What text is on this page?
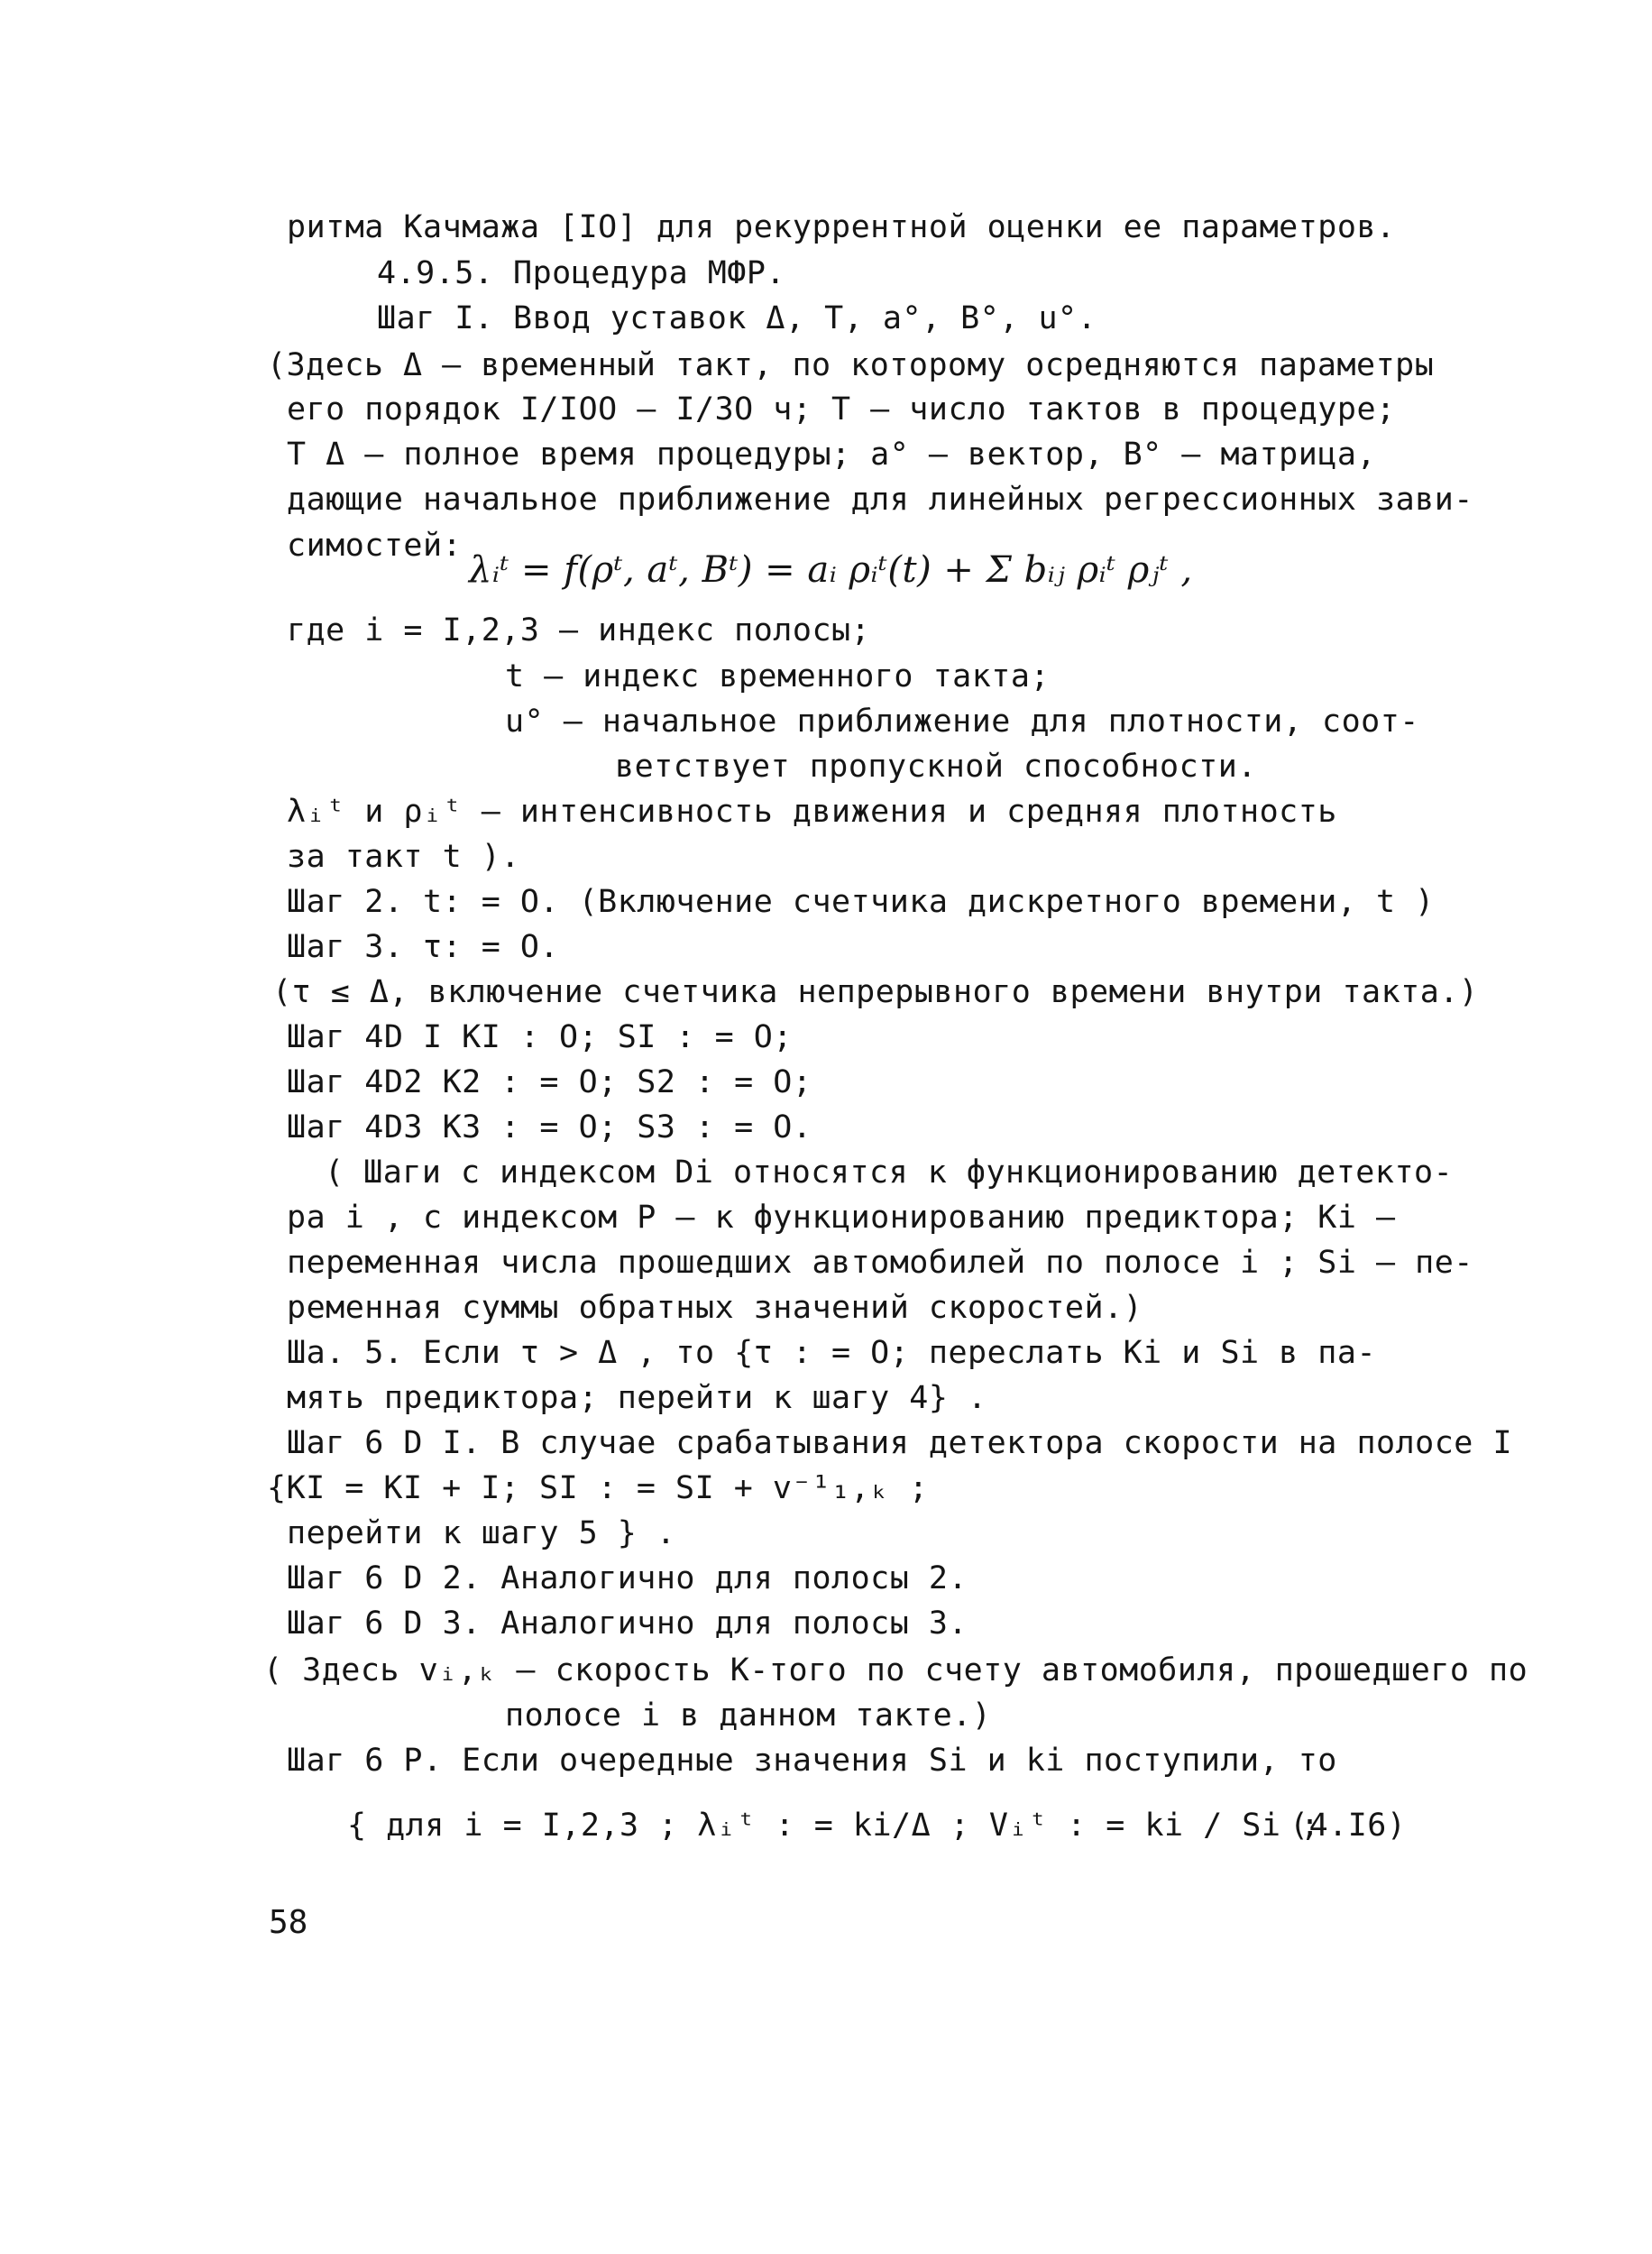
ритма Качмажа [IO] для рекуррентной оценки ее параметров.
4.9.5. Процедура МФР.
Шаг I. Ввод уставок Δ, T, a°, B°, u°.
(Здесь Δ – временный такт, по которому осредняются параметры
его порядок I/IOO – I/3O ч; T – число тактов в процедуре;
T Δ – полное время процедуры; a° – вектор, B° – матрица,
дающие начальное приближение для линейных регрессионных зави-
симостей:
λᵢᵗ = f(ρᵗ, aᵗ, Bᵗ) = aᵢ ρᵢᵗ(t) + Σ bᵢⱼ ρᵢᵗ ρⱼᵗ ,
где i = I,2,3 – индекс полосы;
t – индекс временного такта;
u° – начальное приближение для плотности, соот-
ветствует пропускной способности.
λᵢᵗ и ρᵢᵗ – интенсивность движения и средняя плотность
за такт t ).
Шаг 2. t: = O. (Включение счетчика дискретного времени, t )
Шаг 3. τ: = O.
(τ ≤ Δ, включение счетчика непрерывного времени внутри такта.)
Шаг 4D I KI : O; SI : = O;
Шаг 4D2 K2 : = O; S2 : = O;
Шаг 4D3 K3 : = O; S3 : = O.
( Шаги с индексом Di относятся к функционированию детекто-
ра i , с индексом P – к функционированию предиктора; Ki –
переменная числа прошедших автомобилей по полосе i ; Si – пе-
ременная суммы обратных значений скоростей.)
Ша. 5. Если τ > Δ , то {τ : = O; переслать Ki и Si в па-
мять предиктора; перейти к шагу 4} .
Шаг 6 D I. В случае срабатывания детектора скорости на полосе I
{KI = KI + I; SI : = SI + v⁻¹₁,ₖ ;
перейти к шагу 5 } .
Шаг 6 D 2. Аналогично для полосы 2.
Шаг 6 D 3. Аналогично для полосы 3.
( Здесь vᵢ,ₖ – скорость K-того по счету автомобиля, прошедшего по
полосе i в данном такте.)
Шаг 6 P. Если очередные значения Si и ki поступили, то
{ для i = I,2,3 ; λᵢᵗ : = ki/Δ ; Vᵢᵗ : = ki / Si ;
(4.I6)
58
